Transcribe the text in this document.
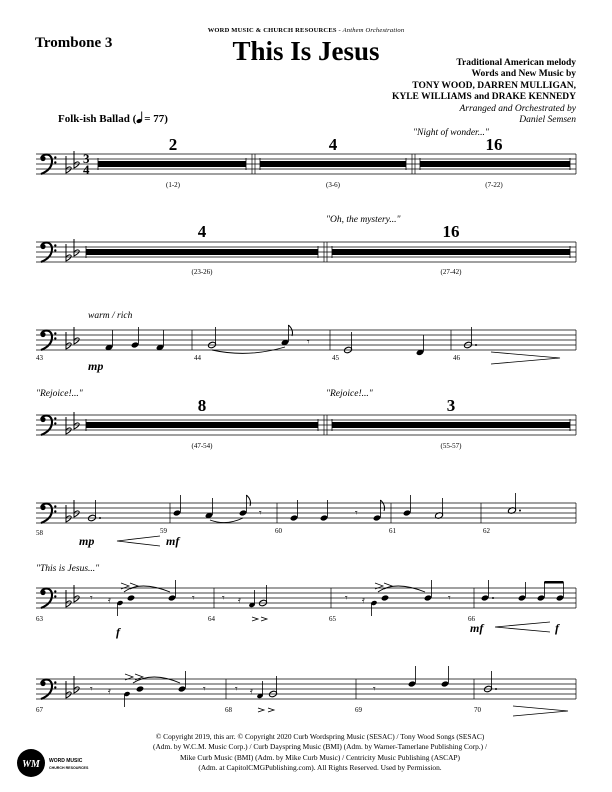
WORD MUSIC & CHURCH RESOURCES - Anthem Orchestration
Trombone 3	This Is Jesus	Traditional American melody
Words and New Music by
TONY WOOD, DARREN MULLIGAN,
KYLE WILLIAMS and DRAKE KENNEDY
Arranged and Orchestrated by
Daniel Semsen
Folk-ish Ballad ( = 77)
3
4
2	4	16
(1-2)	(3-6)	(7-22)
"Night of wonder..."
4	16
(23-26)	(27-42)
"Oh, the mystery..."
𝄾
43	44	45	46
warm / rich
mp
8	3
(47-54)	(55-57)
"Rejoice!..."	"Rejoice!..."
𝄾	𝄾
58	59	60	61	62
mp	mf
𝄾 𝄿	𝄾	𝄾 𝄿	𝄾 𝄿	𝄾
63	64	65	66
"This is Jesus..."
f	mf	f
𝄾 𝄿	𝄾	𝄾 𝄿	𝄾
67	68	69	70
© Copyright 2019, this arr. © Copyright 2020 Curb Wordspring Music (SESAC) / Tony Wood Songs (SESAC)
(Adm. by W.C.M. Music Corp.) / Curb Dayspring Music (BMI) (Adm. by Warner-Tamerlane Publishing Corp.) /
Mike Curb Music (BMI) (Adm. by Mike Curb Music) / Centricity Music Publishing (ASCAP)
(Adm. at CapitolCMGPublishing.com). All Rights Reserved. Used by Permission.
WM WORD MUSIC
CHURCH RESOURCES
